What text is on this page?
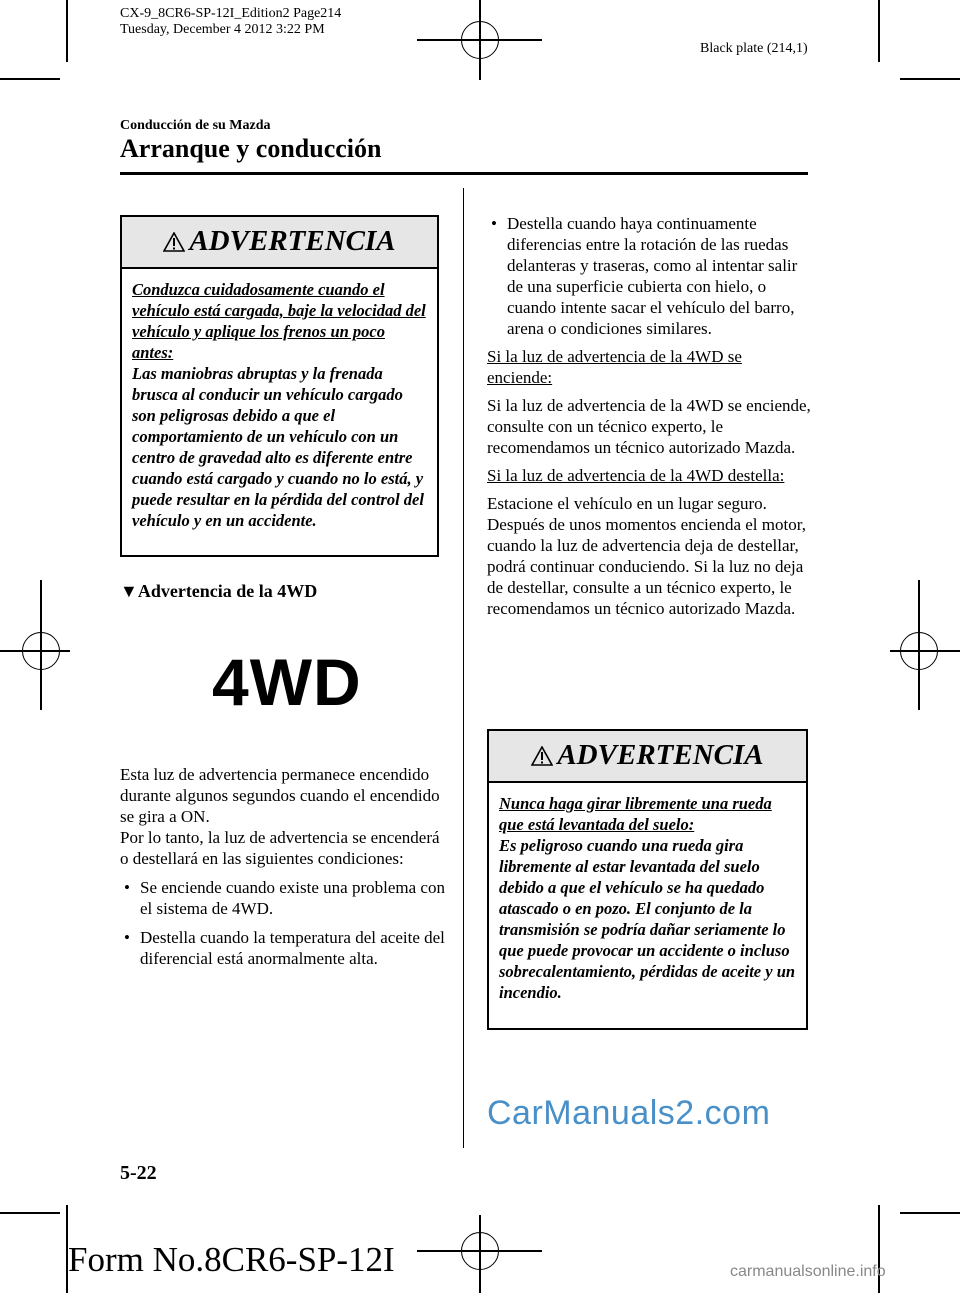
CX-9_8CR6-SP-12I_Edition2 Page214
Tuesday, December 4 2012 3:22 PM
Black plate (214,1)
Conducción de su Mazda
Arranque y conducción
ADVERTENCIA
Conduzca cuidadosamente cuando el vehículo está cargada, baje la velocidad del vehículo y aplique los frenos un poco antes:
Las maniobras abruptas y la frenada brusca al conducir un vehículo cargado son peligrosas debido a que el comportamiento de un vehículo con un centro de gravedad alto es diferente entre cuando está cargado y cuando no lo está, y puede resultar en la pérdida del control del vehículo y en un accidente.
▼Advertencia de la 4WD
4WD
Esta luz de advertencia permanece encendido durante algunos segundos cuando el encendido se gira a ON.
Por lo tanto, la luz de advertencia se encenderá o destellará en las siguientes condiciones:
• Se enciende cuando existe una problema con el sistema de 4WD.
• Destella cuando la temperatura del aceite del diferencial está anormalmente alta.
• Destella cuando haya continuamente diferencias entre la rotación de las ruedas delanteras y traseras, como al intentar salir de una superficie cubierta con hielo, o cuando intente sacar el vehículo del barro, arena o condiciones similares.
Si la luz de advertencia de la 4WD se enciende:
Si la luz de advertencia de la 4WD se enciende, consulte con un técnico experto, le recomendamos un técnico autorizado Mazda.
Si la luz de advertencia de la 4WD destella:
Estacione el vehículo en un lugar seguro. Después de unos momentos encienda el motor, cuando la luz de advertencia deja de destellar, podrá continuar conduciendo. Si la luz no deja de destellar, consulte a un técnico experto, le recomendamos un técnico autorizado Mazda.
ADVERTENCIA
Nunca haga girar libremente una rueda que está levantada del suelo:
Es peligroso cuando una rueda gira libremente al estar levantada del suelo debido a que el vehículo se ha quedado atascado o en pozo. El conjunto de la transmisión se podría dañar seriamente lo que puede provocar un accidente o incluso sobrecalentamiento, pérdidas de aceite y un incendio.
CarManuals2.com
5-22
Form No.8CR6-SP-12I	carmanualsonline.info
